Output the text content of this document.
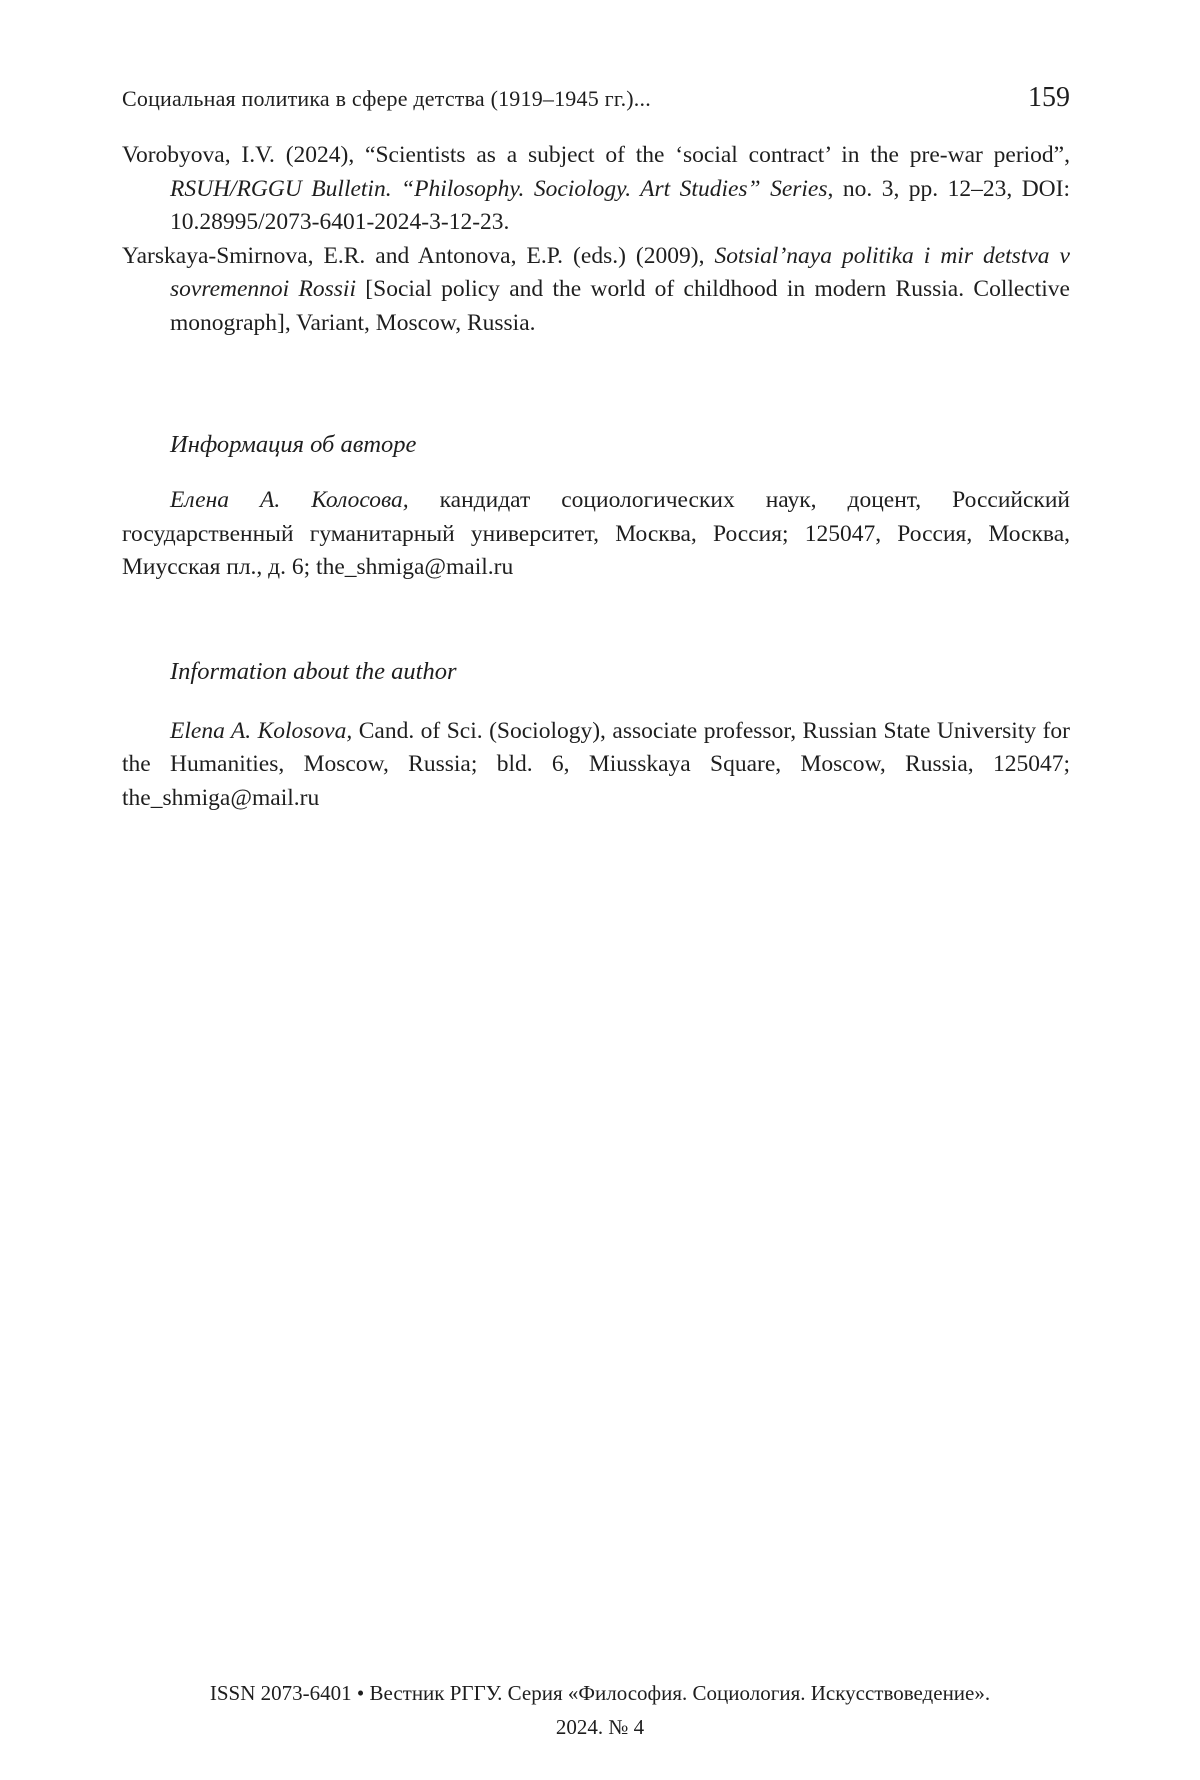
Социальная политика в сфере детства (1919–1945 гг.)...	159

Vorobyova, I.V. (2024), “Scientists as a subject of the ‘social contract’ in the pre-war period”, RSUH/RGGU Bulletin. “Philosophy. Sociology. Art Studies” Series, no. 3, pp. 12–23, DOI: 10.28995/2073-6401-2024-3-12-23.

Yarskaya-Smirnova, E.R. and Antonova, E.P. (eds.) (2009), Sotsial’naya politika i mir detstva v sovremennoi Rossii [Social policy and the world of childhood in modern Russia. Collective monograph], Variant, Moscow, Russia.

Информация об авторе

Елена А. Колосова, кандидат социологических наук, доцент, Российский государственный гуманитарный университет, Москва, Россия; 125047, Россия, Москва, Миусская пл., д. 6; the_shmiga@mail.ru

Information about the author

Elena A. Kolosova, Cand. of Sci. (Sociology), associate professor, Russian State University for the Humanities, Moscow, Russia; bld. 6, Miusskaya Square, Moscow, Russia, 125047; the_shmiga@mail.ru

ISSN 2073-6401 • Вестник РГГУ. Серия «Философия. Социология. Искусствоведение».
2024. № 4
